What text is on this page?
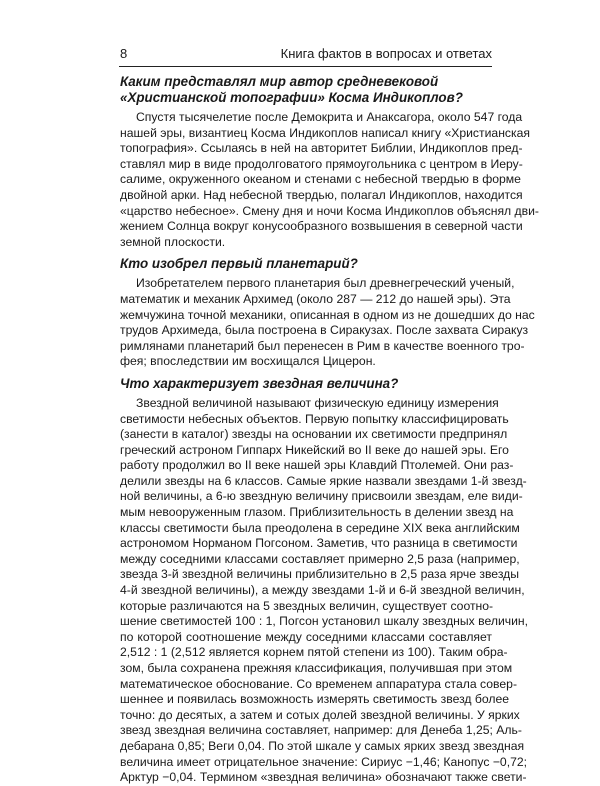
8	Книга фактов в вопросах и ответах
Каким представлял мир автор средневековой
«Христианской топографии» Косма Индикоплов?
Спустя тысячелетие после Демокрита и Анаксагора, около 547 года
нашей эры, византиец Косма Индикоплов написал книгу «Христианская
топография». Ссылаясь в ней на авторитет Библии, Индикоплов пред-
ставлял мир в виде продолговатого прямоугольника с центром в Иеру-
салиме, окруженного океаном и стенами с небесной твердью в форме
двойной арки. Над небесной твердью, полагал Индикоплов, находится
«царство небесное». Смену дня и ночи Косма Индикоплов объяснял дви-
жением Солнца вокруг конусообразного возвышения в северной части
земной плоскости.
Кто изобрел первый планетарий?
Изобретателем первого планетария был древнегреческий ученый,
математик и механик Архимед (около 287 — 212 до нашей эры). Эта
жемчужина точной механики, описанная в одном из не дошедших до нас
трудов Архимеда, была построена в Сиракузах. После захвата Сиракуз
римлянами планетарий был перенесен в Рим в качестве военного тро-
фея; впоследствии им восхищался Цицерон.
Что характеризует звездная величина?
Звездной величиной называют физическую единицу измерения
светимости небесных объектов. Первую попытку классифицировать
(занести в каталог) звезды на основании их светимости предпринял
греческий астроном Гиппарх Никейский во II веке до нашей эры. Его
работу продолжил во II веке нашей эры Клавдий Птолемей. Они раз-
делили звезды на 6 классов. Самые яркие назвали звездами 1-й звезд-
ной величины, а 6-ю звездную величину присвоили звездам, еле види-
мым невооруженным глазом. Приблизительность в делении звезд на
классы светимости была преодолена в середине XIX века английским
астрономом Норманом Погсоном. Заметив, что разница в светимости
между соседними классами составляет примерно 2,5 раза (например,
звезда 3-й звездной величины приблизительно в 2,5 раза ярче звезды
4-й звездной величины), а между звездами 1-й и 6-й звездной величин,
которые различаются на 5 звездных величин, существует соотно-
шение светимостей 100 : 1, Погсон установил шкалу звездных величин,
по которой соотношение между соседними классами составляет
2,512 : 1 (2,512 является корнем пятой степени из 100). Таким обра-
зом, была сохранена прежняя классификация, получившая при этом
математическое обоснование. Со временем аппаратура стала совер-
шеннее и появилась возможность измерять светимость звезд более
точно: до десятых, а затем и сотых долей звездной величины. У ярких
звезд звездная величина составляет, например: для Денеба 1,25; Аль-
дебарана 0,85; Веги 0,04. По этой шкале у самых ярких звезд звездная
величина имеет отрицательное значение: Сириус −1,46; Канопус −0,72;
Арктур −0,04. Термином «звездная величина» обозначают также свети-
